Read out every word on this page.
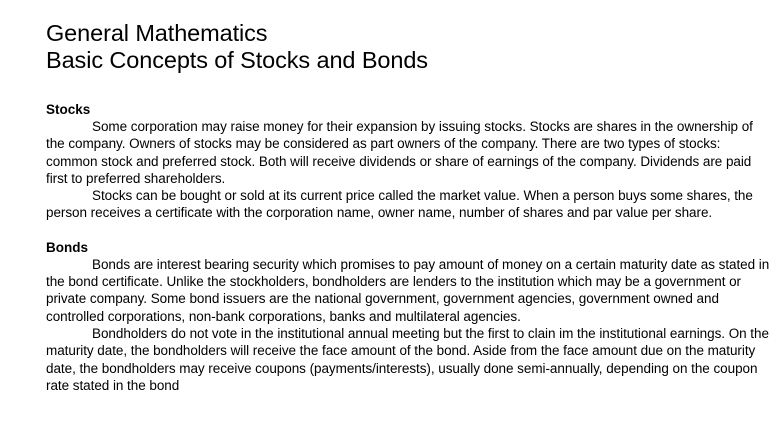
General Mathematics
Basic Concepts of Stocks and Bonds
Stocks

Some corporation may raise money for their expansion by issuing stocks. Stocks are shares in the ownership of the company. Owners of stocks may be considered as part owners of the company. There are two types of stocks: common stock and preferred stock. Both will receive dividends or share of earnings of the company. Dividends are paid first to preferred shareholders.

Stocks can be bought or sold at its current price called the market value. When a person buys some shares, the person receives a certificate with the corporation name, owner name, number of shares and par value per share.

Bonds

Bonds are interest bearing security which promises to pay amount of money on a certain maturity date as stated in the bond certificate. Unlike the stockholders, bondholders are lenders to the institution which may be a government or private company. Some bond issuers are the national government, government agencies, government owned and controlled corporations, non-bank corporations, banks and multilateral agencies.

Bondholders do not vote in the institutional annual meeting but the first to clain im the institutional earnings. On the maturity date, the bondholders will receive the face amount of the bond. Aside from the face amount due on the maturity date, the bondholders may receive coupons (payments/interests), usually done semi-annually, depending on the coupon rate stated in the bond
